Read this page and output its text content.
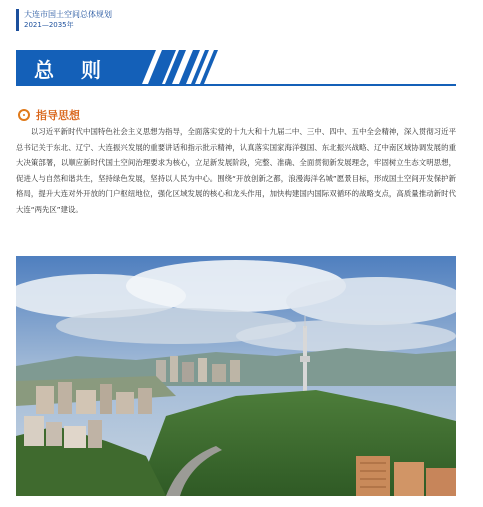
大连市国土空间总体规划
2021—2035年
总 则
指导思想

以习近平新时代中国特色社会主义思想为指导，全面落实党的十九大和十九届二中、三中、四中、五中全会精神，深入贯彻习近平总书记关于东北、辽宁、大连振兴发展的重要讲话和指示批示精神，认真落实国家海洋强国、东北振兴战略、辽中南区域协调发展的重大决策部署，以顺应新时代国土空间治理要求为核心，立足新发展阶段，完整、准确、全面贯彻新发展理念，牢固树立生态文明思想，促进人与自然和谐共生，坚持绿色发展，坚持以人民为中心。围绕“开放创新之都，浪漫海洋名城”愿景目标，形成国土空间开发保护新格局，提升大连对外开放的门户枢纽地位，强化区域发展的核心和龙头作用，加快构建国内国际双循环的战略支点，高质量推动新时代大连“两先区”建设。
